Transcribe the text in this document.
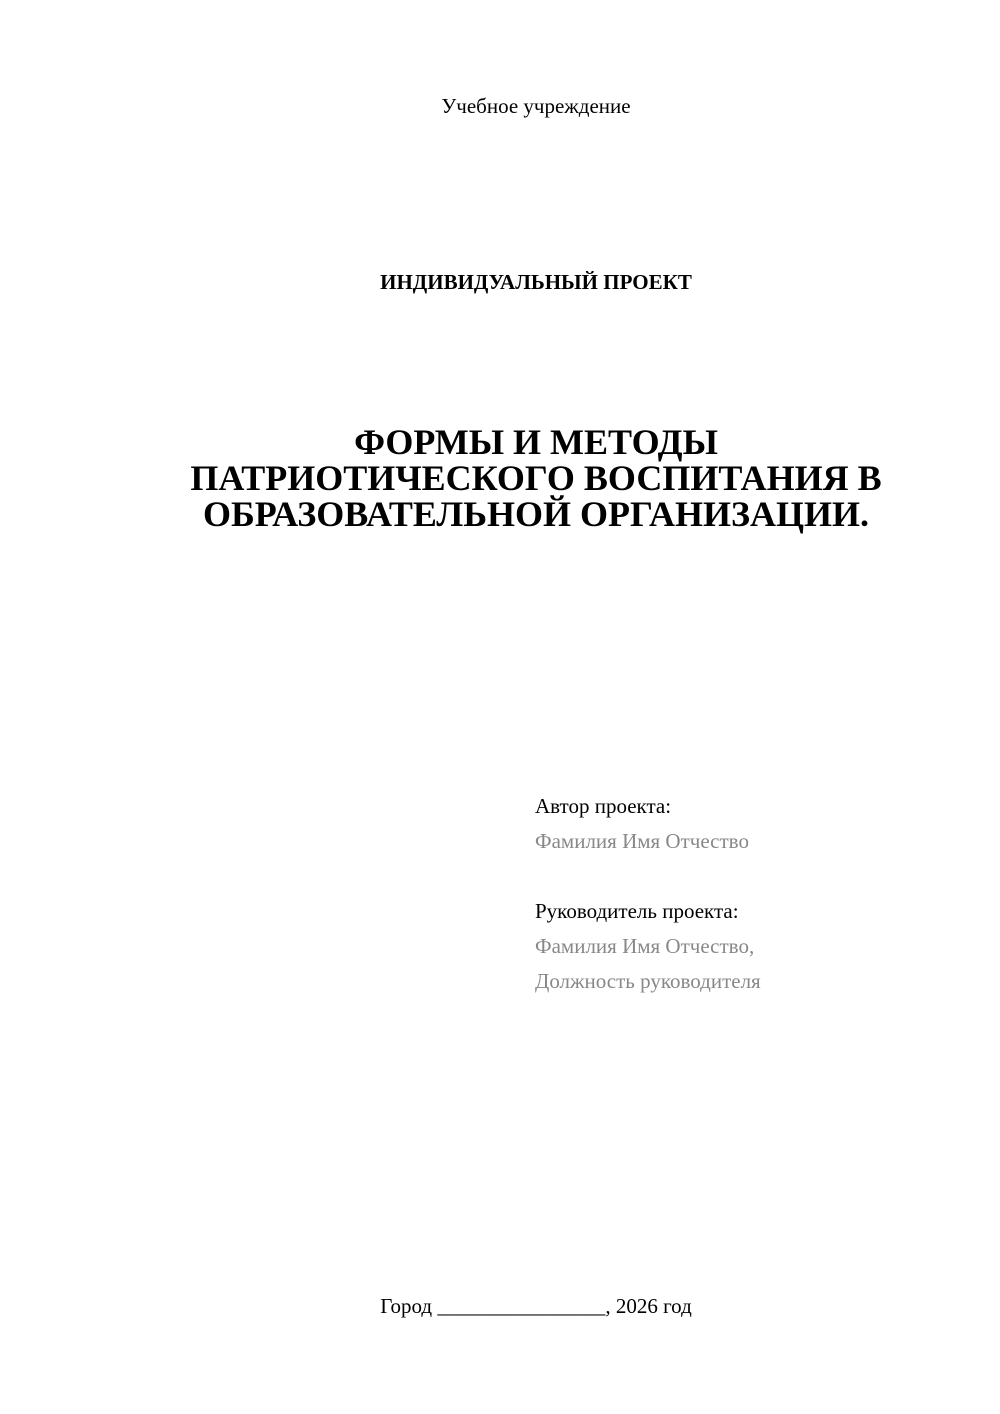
Учебное учреждение
ИНДИВИДУАЛЬНЫЙ ПРОЕКТ
ФОРМЫ И МЕТОДЫ
ПАТРИОТИЧЕСКОГО ВОСПИТАНИЯ В
ОБРАЗОВАТЕЛЬНОЙ ОРГАНИЗАЦИИ.
Автор проекта:
Фамилия Имя Отчество
Руководитель проекта:
Фамилия Имя Отчество,
Должность руководителя
Город ________________, 2026 год
